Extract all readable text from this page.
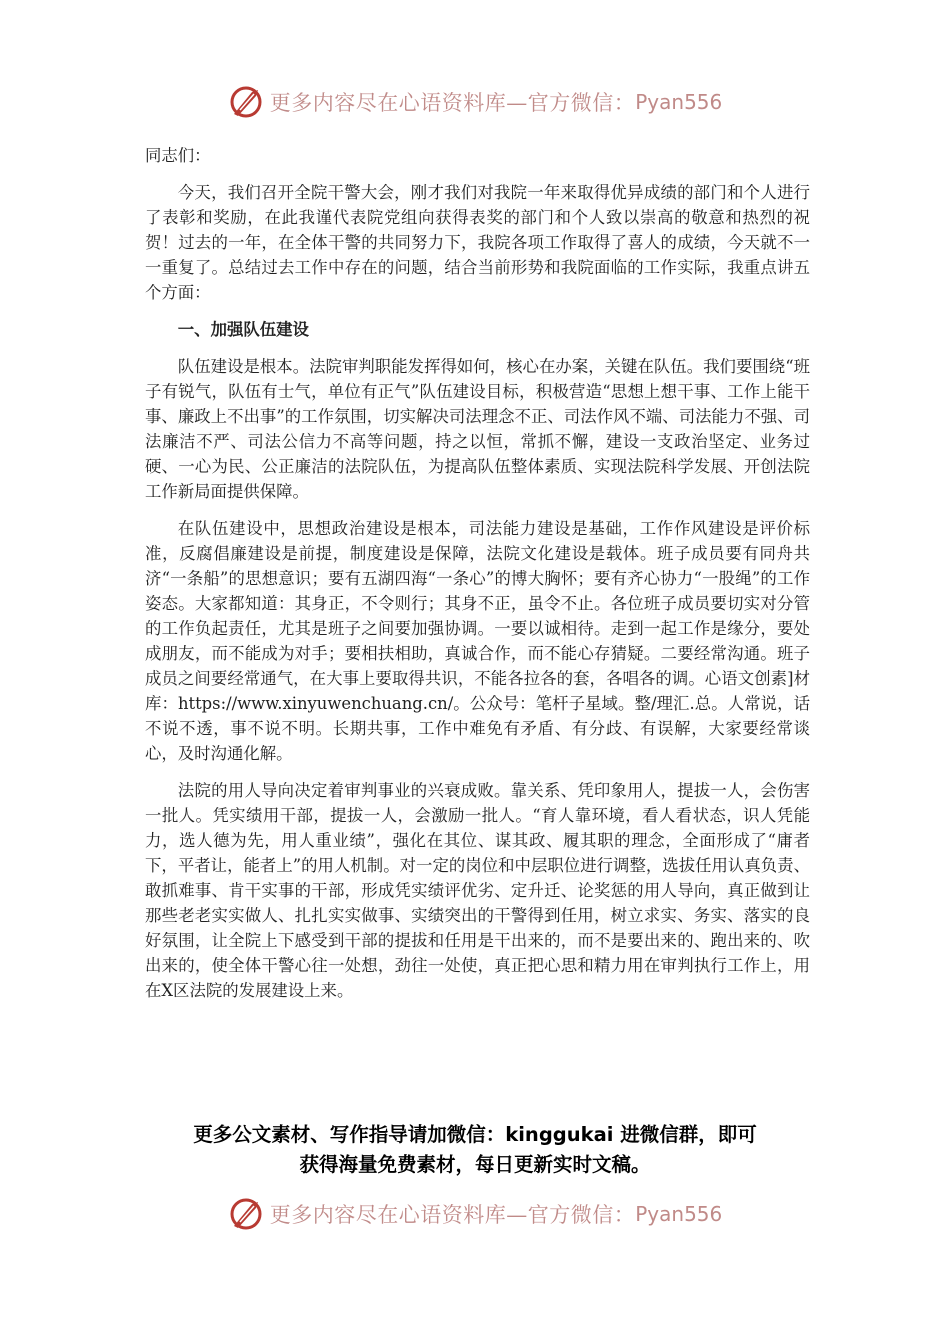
更多内容尽在心语资料库—官方微信： Pyan556

同志们：

今天，我们召开全院干警大会，刚才我们对我院一年来取得优异成绩的部门和个人进行了表彰和奖励，在此我谨代表院党组向获得表奖的部门和个人致以崇高的敬意和热烈的祝贺！过去的一年，在全体干警的共同努力下，我院各项工作取得了喜人的成绩，今天就不一一重复了。总结过去工作中存在的问题，结合当前形势和我院面临的工作实际，我重点讲五个方面：

一、加强队伍建设

队伍建设是根本。法院审判职能发挥得如何，核心在办案，关键在队伍。我们要围绕“班子有锐气，队伍有士气，单位有正气”队伍建设目标，积极营造“思想上想干事、工作上能干事、廉政上不出事”的工作氛围，切实解决司法理念不正、司法作风不端、司法能力不强、司法廉洁不严、司法公信力不高等问题，持之以恒，常抓不懈，建设一支政治坚定、业务过硬、一心为民、公正廉洁的法院队伍，为提高队伍整体素质、实现法院科学发展、开创法院工作新局面提供保障。

在队伍建设中，思想政治建设是根本，司法能力建设是基础，工作作风建设是评价标准，反腐倡廉建设是前提，制度建设是保障，法院文化建设是载体。班子成员要有同舟共济“一条船”的思想意识；要有五湖四海“一条心”的博大胸怀；要有齐心协力“一股绳”的工作姿态。大家都知道：其身正，不令则行；其身不正，虽令不止。各位班子成员要切实对分管的工作负起责任，尤其是班子之间要加强协调。一要以诚相待。走到一起工作是缘分，要处成朋友，而不能成为对手；要相扶相助，真诚合作，而不能心存猜疑。二要经常沟通。班子成员之间要经常通气，在大事上要取得共识，不能各拉各的套，各唱各的调。心语文创素]材库：https://www.xinyuwenchuang.cn/。公众号：笔杆子星域。整/理汇.总。人常说，话不说不透，事不说不明。长期共事，工作中难免有矛盾、有分歧、有误解，大家要经常谈心，及时沟通化解。

法院的用人导向决定着审判事业的兴衰成败。靠关系、凭印象用人，提拔一人，会伤害一批人。凭实绩用干部，提拔一人，会激励一批人。“育人靠环境，看人看状态，识人凭能力，选人德为先，用人重业绩”，强化在其位、谋其政、履其职的理念，全面形成了“庸者下，平者让，能者上”的用人机制。对一定的岗位和中层职位进行调整，选拔任用认真负责、敢抓难事、肯干实事的干部，形成凭实绩评优劣、定升迁、论奖惩的用人导向，真正做到让那些老老实实做人、扎扎实实做事、实绩突出的干警得到任用，树立求实、务实、落实的良好氛围，让全院上下感受到干部的提拔和任用是干出来的，而不是要出来的、跑出来的、吹出来的，使全体干警心往一处想，劲往一处使，真正把心思和精力用在审判执行工作上，用在X区法院的发展建设上来。

更多公文素材、写作指导请加微信：kinggukai 进微信群，即可
获得海量免费素材，每日更新实时文稿。
更多内容尽在心语资料库—官方微信： Pyan556
